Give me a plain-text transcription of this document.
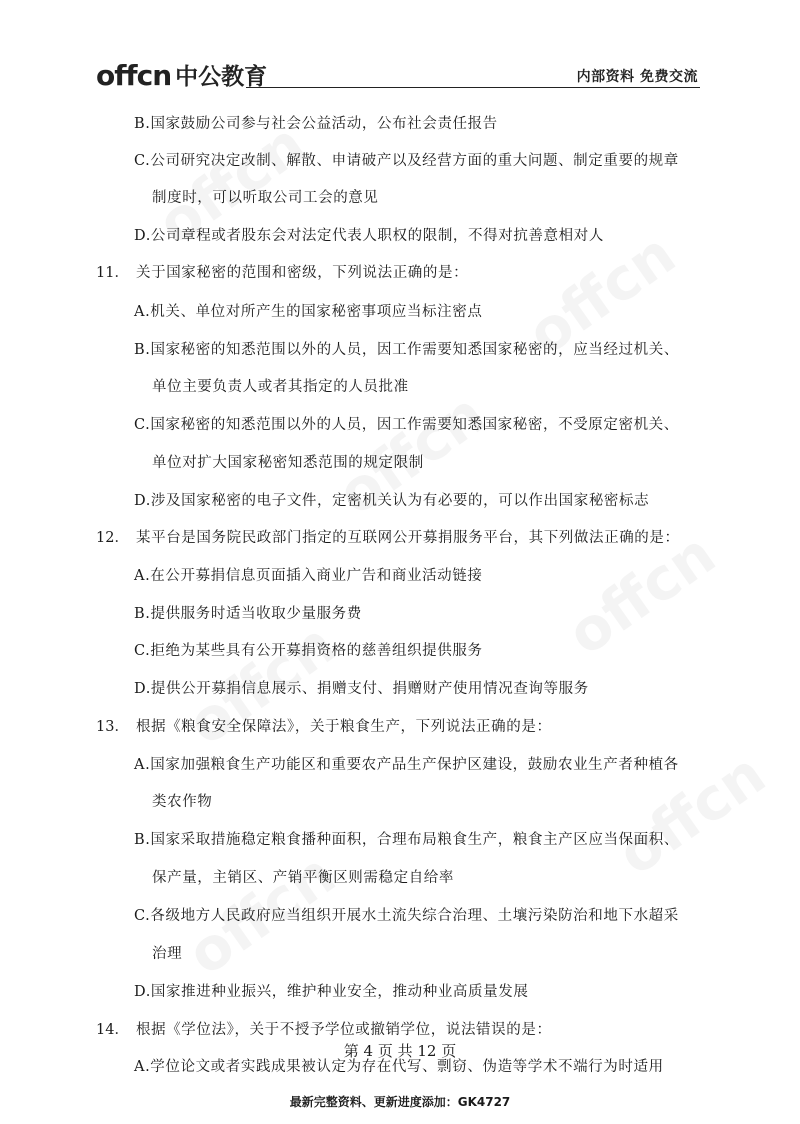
offcn 中公教育	内部资料 免费交流
B.国家鼓励公司参与社会公益活动，公布社会责任报告
C.公司研究决定改制、解散、申请破产以及经营方面的重大问题、制定重要的规章
制度时，可以听取公司工会的意见
D.公司章程或者股东会对法定代表人职权的限制，不得对抗善意相对人
11． 关于国家秘密的范围和密级，下列说法正确的是：
A.机关、单位对所产生的国家秘密事项应当标注密点
B.国家秘密的知悉范围以外的人员，因工作需要知悉国家秘密的，应当经过机关、
单位主要负责人或者其指定的人员批准
C.国家秘密的知悉范围以外的人员，因工作需要知悉国家秘密，不受原定密机关、
单位对扩大国家秘密知悉范围的规定限制
D.涉及国家秘密的电子文件，定密机关认为有必要的，可以作出国家秘密标志
12． 某平台是国务院民政部门指定的互联网公开募捐服务平台，其下列做法正确的是：
A.在公开募捐信息页面插入商业广告和商业活动链接
B.提供服务时适当收取少量服务费
C.拒绝为某些具有公开募捐资格的慈善组织提供服务
D.提供公开募捐信息展示、捐赠支付、捐赠财产使用情况查询等服务
13． 根据《粮食安全保障法》，关于粮食生产，下列说法正确的是：
A.国家加强粮食生产功能区和重要农产品生产保护区建设，鼓励农业生产者种植各
类农作物
B.国家采取措施稳定粮食播种面积，合理布局粮食生产，粮食主产区应当保面积、
保产量，主销区、产销平衡区则需稳定自给率
C.各级地方人民政府应当组织开展水土流失综合治理、土壤污染防治和地下水超采
治理
D.国家推进种业振兴，维护种业安全，推动种业高质量发展
14． 根据《学位法》，关于不授予学位或撤销学位，说法错误的是：
A.学位论文或者实践成果被认定为存在代写、剽窃、伪造等学术不端行为时适用
第 4 页 共 12 页
最新完整资料、更新进度添加：GK4727
